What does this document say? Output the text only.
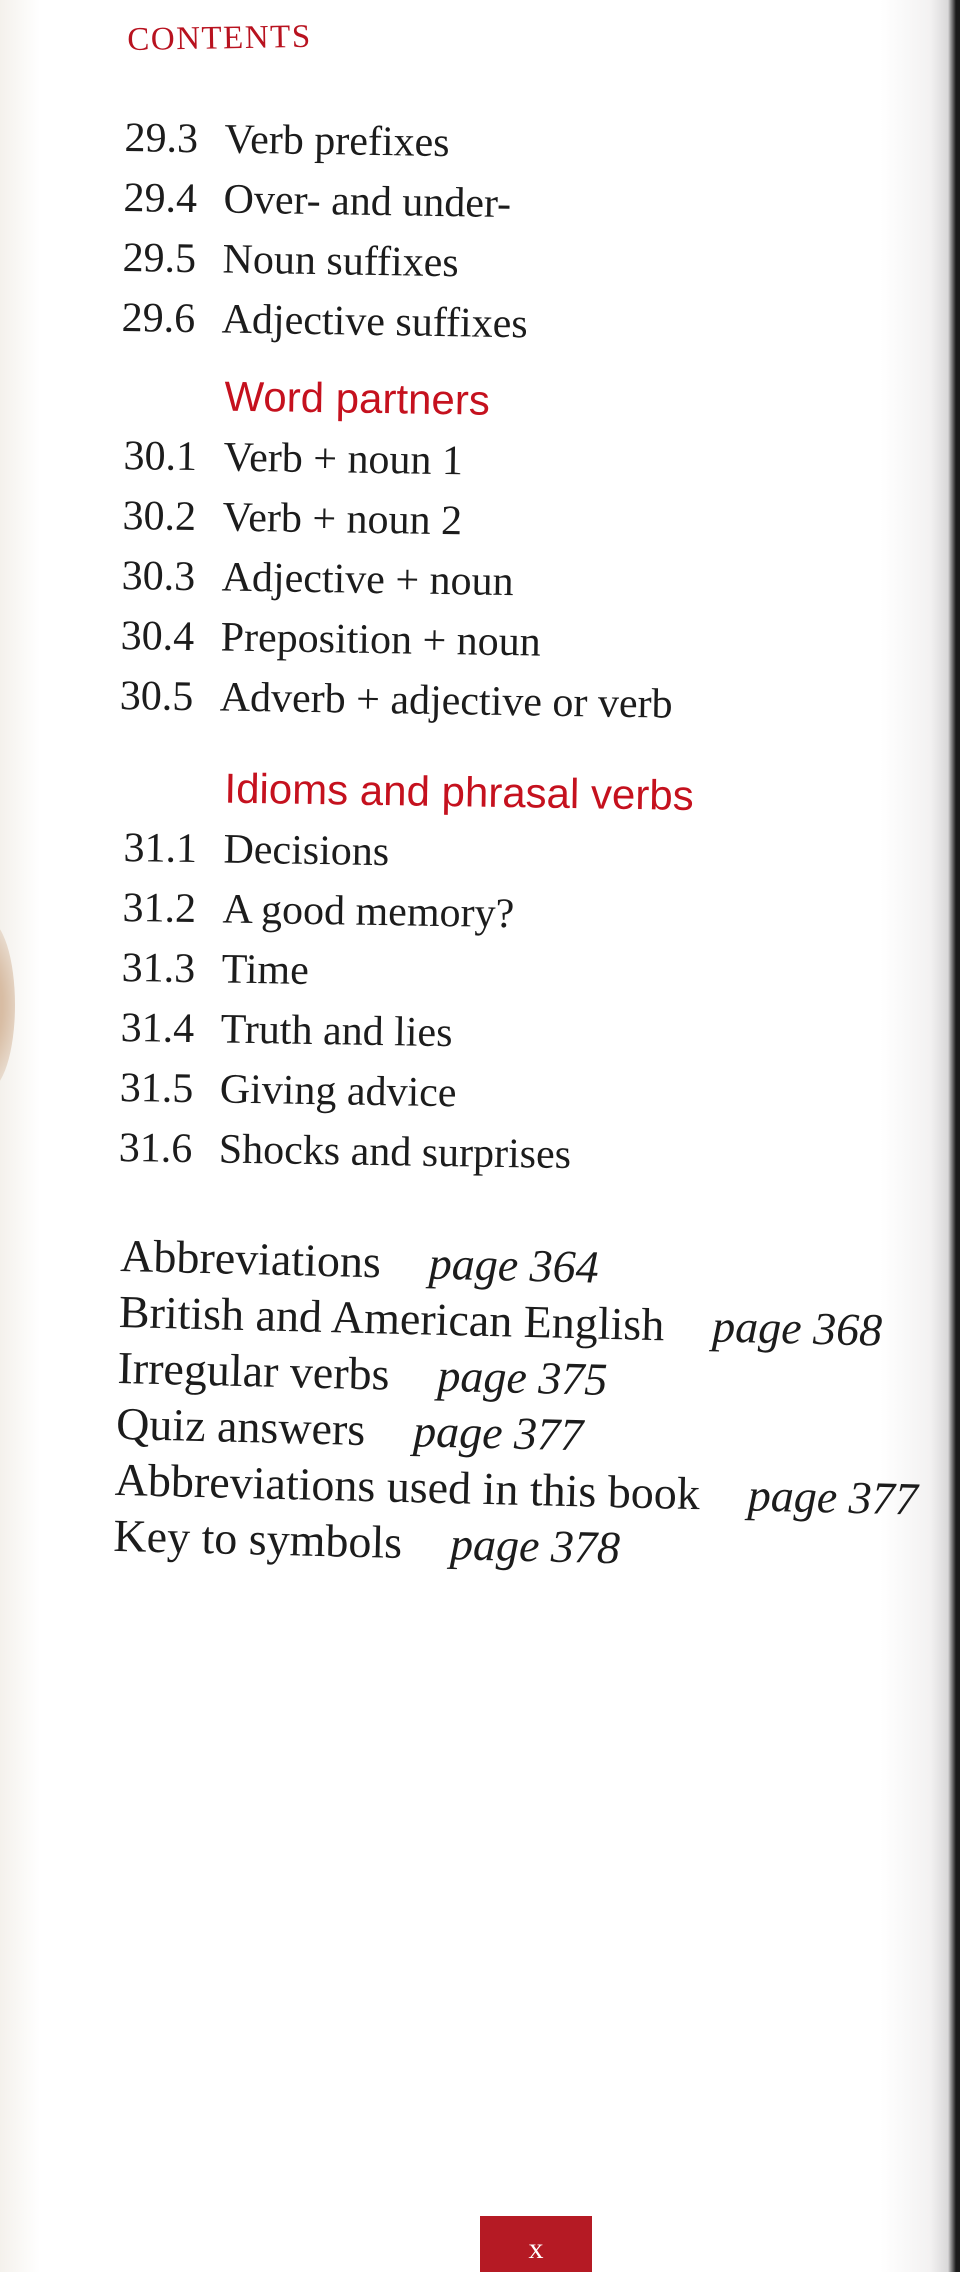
CONTENTS
29.3 Verb prefixes
29.4 Over- and under-
29.5 Noun suffixes
29.6 Adjective suffixes
Word partners
30.1 Verb + noun 1
30.2 Verb + noun 2
30.3 Adjective + noun
30.4 Preposition + noun
30.5 Adverb + adjective or verb
Idioms and phrasal verbs
31.1 Decisions
31.2 A good memory?
31.3 Time
31.4 Truth and lies
31.5 Giving advice
31.6 Shocks and surprises
Abbreviations page 364
British and American English page 368
Irregular verbs page 375
Quiz answers page 377
Abbreviations used in this book page 377
Key to symbols page 378
x
